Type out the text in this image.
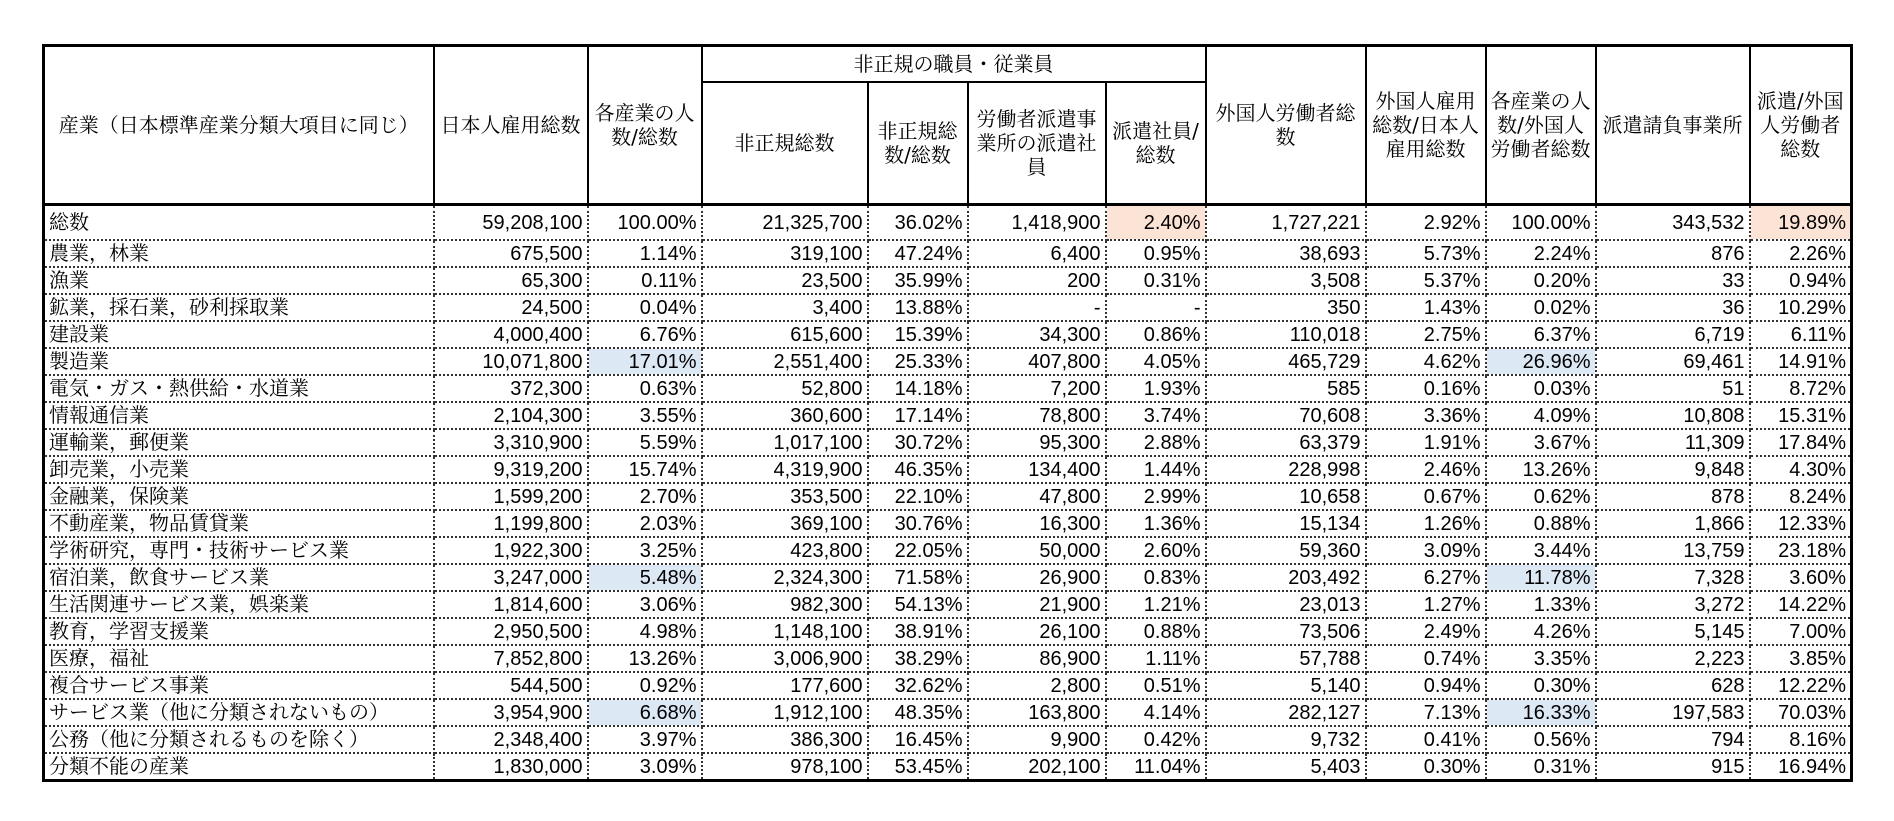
産業（日本標準産業分類大項目に同じ）	日本人雇用総数	各産業の人数/総数	非正規の職員・従業員				外国人労働者総数	外国人雇用総数/日本人雇用総数	各産業の人数/外国人労働者総数	派遣請負事業所	派遣/外国人労働者総数
			非正規総数	非正規総数/総数	労働者派遣事業所の派遣社員	派遣社員/総数					
総数	59,208,100	100.00%	21,325,700	36.02%	1,418,900	2.40%	1,727,221	2.92%	100.00%	343,532	19.89%
農業，林業	675,500	1.14%	319,100	47.24%	6,400	0.95%	38,693	5.73%	2.24%	876	2.26%
漁業	65,300	0.11%	23,500	35.99%	200	0.31%	3,508	5.37%	0.20%	33	0.94%
鉱業，採石業，砂利採取業	24,500	0.04%	3,400	13.88%	-	-	350	1.43%	0.02%	36	10.29%
建設業	4,000,400	6.76%	615,600	15.39%	34,300	0.86%	110,018	2.75%	6.37%	6,719	6.11%
製造業	10,071,800	17.01%	2,551,400	25.33%	407,800	4.05%	465,729	4.62%	26.96%	69,461	14.91%
電気・ガス・熱供給・水道業	372,300	0.63%	52,800	14.18%	7,200	1.93%	585	0.16%	0.03%	51	8.72%
情報通信業	2,104,300	3.55%	360,600	17.14%	78,800	3.74%	70,608	3.36%	4.09%	10,808	15.31%
運輸業，郵便業	3,310,900	5.59%	1,017,100	30.72%	95,300	2.88%	63,379	1.91%	3.67%	11,309	17.84%
卸売業，小売業	9,319,200	15.74%	4,319,900	46.35%	134,400	1.44%	228,998	2.46%	13.26%	9,848	4.30%
金融業，保険業	1,599,200	2.70%	353,500	22.10%	47,800	2.99%	10,658	0.67%	0.62%	878	8.24%
不動産業，物品賃貸業	1,199,800	2.03%	369,100	30.76%	16,300	1.36%	15,134	1.26%	0.88%	1,866	12.33%
学術研究，専門・技術サービス業	1,922,300	3.25%	423,800	22.05%	50,000	2.60%	59,360	3.09%	3.44%	13,759	23.18%
宿泊業，飲食サービス業	3,247,000	5.48%	2,324,300	71.58%	26,900	0.83%	203,492	6.27%	11.78%	7,328	3.60%
生活関連サービス業，娯楽業	1,814,600	3.06%	982,300	54.13%	21,900	1.21%	23,013	1.27%	1.33%	3,272	14.22%
教育，学習支援業	2,950,500	4.98%	1,148,100	38.91%	26,100	0.88%	73,506	2.49%	4.26%	5,145	7.00%
医療，福祉	7,852,800	13.26%	3,006,900	38.29%	86,900	1.11%	57,788	0.74%	3.35%	2,223	3.85%
複合サービス事業	544,500	0.92%	177,600	32.62%	2,800	0.51%	5,140	0.94%	0.30%	628	12.22%
サービス業（他に分類されないもの）	3,954,900	6.68%	1,912,100	48.35%	163,800	4.14%	282,127	7.13%	16.33%	197,583	70.03%
公務（他に分類されるものを除く）	2,348,400	3.97%	386,300	16.45%	9,900	0.42%	9,732	0.41%	0.56%	794	8.16%
分類不能の産業	1,830,000	3.09%	978,100	53.45%	202,100	11.04%	5,403	0.30%	0.31%	915	16.94%
